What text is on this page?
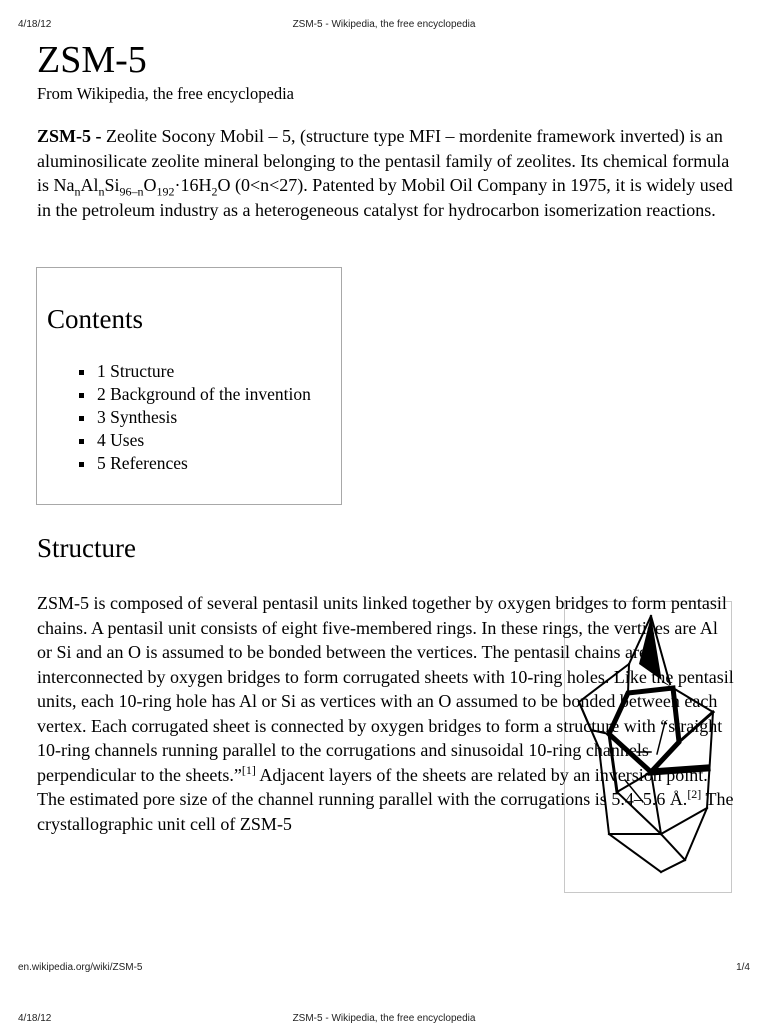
4/18/12	ZSM-5 - Wikipedia, the free encyclopedia
ZSM-5

From Wikipedia, the free encyclopedia

ZSM-5 - Zeolite Socony Mobil – 5, (structure type MFI – mordenite framework inverted) is an aluminosilicate zeolite mineral belonging to the pentasil family of zeolites. Its chemical formula is $Na_nAl_nSi_{96-n}O_{192}\cdot 16H_2O$ (0<n<27). Patented by Mobil Oil Company in 1975, it is widely used in the petroleum industry as a heterogeneous catalyst for hydrocarbon isomerization reactions.

Contents
1 Structure
2 Background of the invention
3 Synthesis
4 Uses
5 References
Structure

ZSM-5 is composed of several pentasil units linked together by oxygen bridges to form pentasil chains. A pentasil unit consists of eight five-membered rings. In these rings, the vertices are Al or Si and an O is assumed to be bonded between the vertices. The pentasil chains are interconnected by oxygen bridges to form corrugated sheets with 10-ring holes. Like the pentasil units, each 10-ring hole has Al or Si as vertices with an O assumed to be bonded between each vertex. Each corrugated sheet is connected by oxygen bridges to form a structure with “straight 10-ring channels running parallel to the corrugations and sinusoidal 10-ring channels perpendicular to the sheets.”[1] Adjacent layers of the sheets are related by an inversion point. The estimated pore size of the channel running parallel with the corrugations is 5.4–5.6 Å.[2] The crystallographic unit cell of ZSM-5

en.wikipedia.org/wiki/ZSM-5	1/4
4/18/12	ZSM-5 - Wikipedia, the free encyclopedia
